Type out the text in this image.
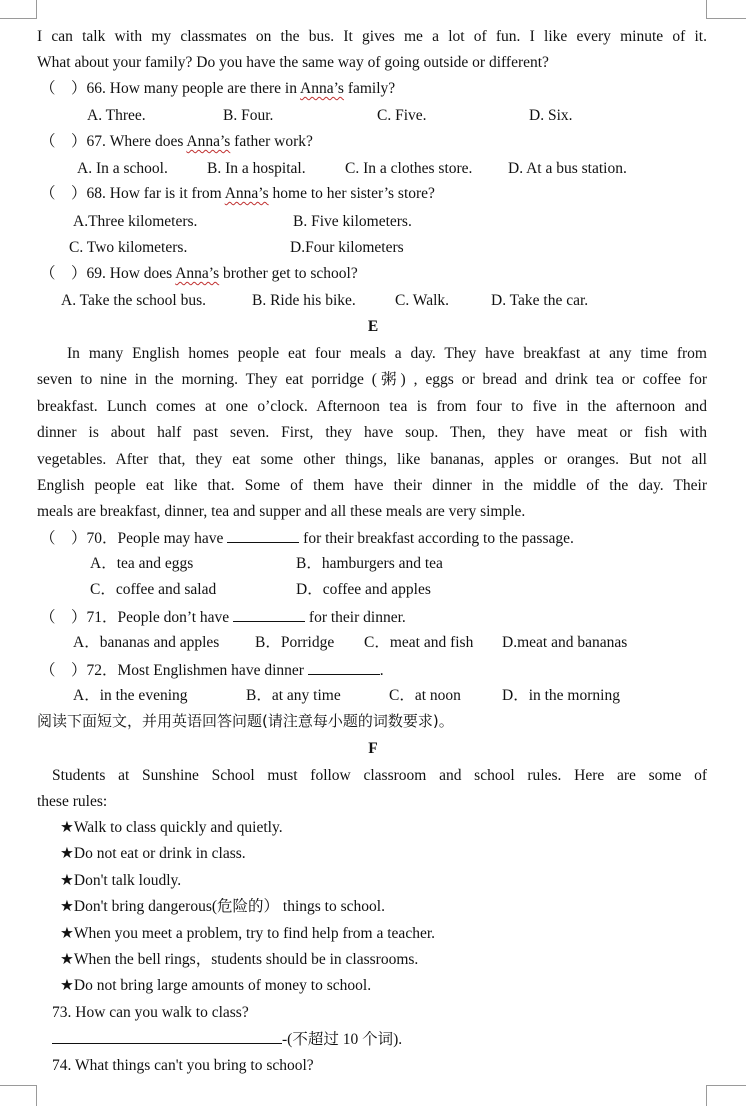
I can talk with my classmates on the bus. It gives me a lot of fun. I like every minute of it.
What about your family? Do you have the same way of going outside or different?
（　）66. How many people are there in Anna’s family?
A. Three.	B. Four.	C. Five.	D. Six.
（　）67. Where does Anna’s father work?
A. In a school.	B. In a hospital.	C. In a clothes store. D. At a bus station.
（　）68. How far is it from Anna’s home to her sister’s store?
A.Three kilometers.	B. Five kilometers.
C. Two kilometers.	D.Four kilometers
（　）69. How does Anna’s brother get to school?
A. Take the school bus.	B. Ride his bike.	C. Walk.	D. Take the car.
E
In many English homes people eat four meals a day. They have breakfast at any time from
seven to nine in the morning. They eat porridge (粥) , eggs or bread and drink tea or coffee for
breakfast. Lunch comes at one o’clock. Afternoon tea is from four to five in the afternoon and
dinner is about half past seven. First, they have soup. Then, they have meat or fish with
vegetables. After that, they eat some other things, like bananas, apples or oranges. But not all
English people eat like that. Some of them have their dinner in the middle of the day. Their
meals are breakfast, dinner, tea and supper and all these meals are very simple.
（　）70．People may have	for their breakfast according to the passage.
A．tea and eggs	B．hamburgers and tea
C．coffee and salad	D．coffee and apples
（　）71．People don’t have	for their dinner.
A．bananas and apples B．Porridge C．meat and fish D.meat and bananas
（　）72．Most Englishmen have dinner	.
A．in the evening	B．at any time	C．at noon	D．in the morning
阅读下面短文，并用英语回答问题(请注意每小题的词数要求)。
F
Students at Sunshine School must follow classroom and school rules. Here are some of
these rules:
★Walk to class quickly and quietly.
★Do not eat or drink in class.
★Don't talk loudly.
★Don't bring dangerous(危险的） things to school.
★When you meet a problem, try to find help from a teacher.
★When the bell rings，students should be in classrooms.
★Do not bring large amounts of money to school.
73. How can you walk to class?
-(不超过 10 个词).
74. What things can't you bring to school?
